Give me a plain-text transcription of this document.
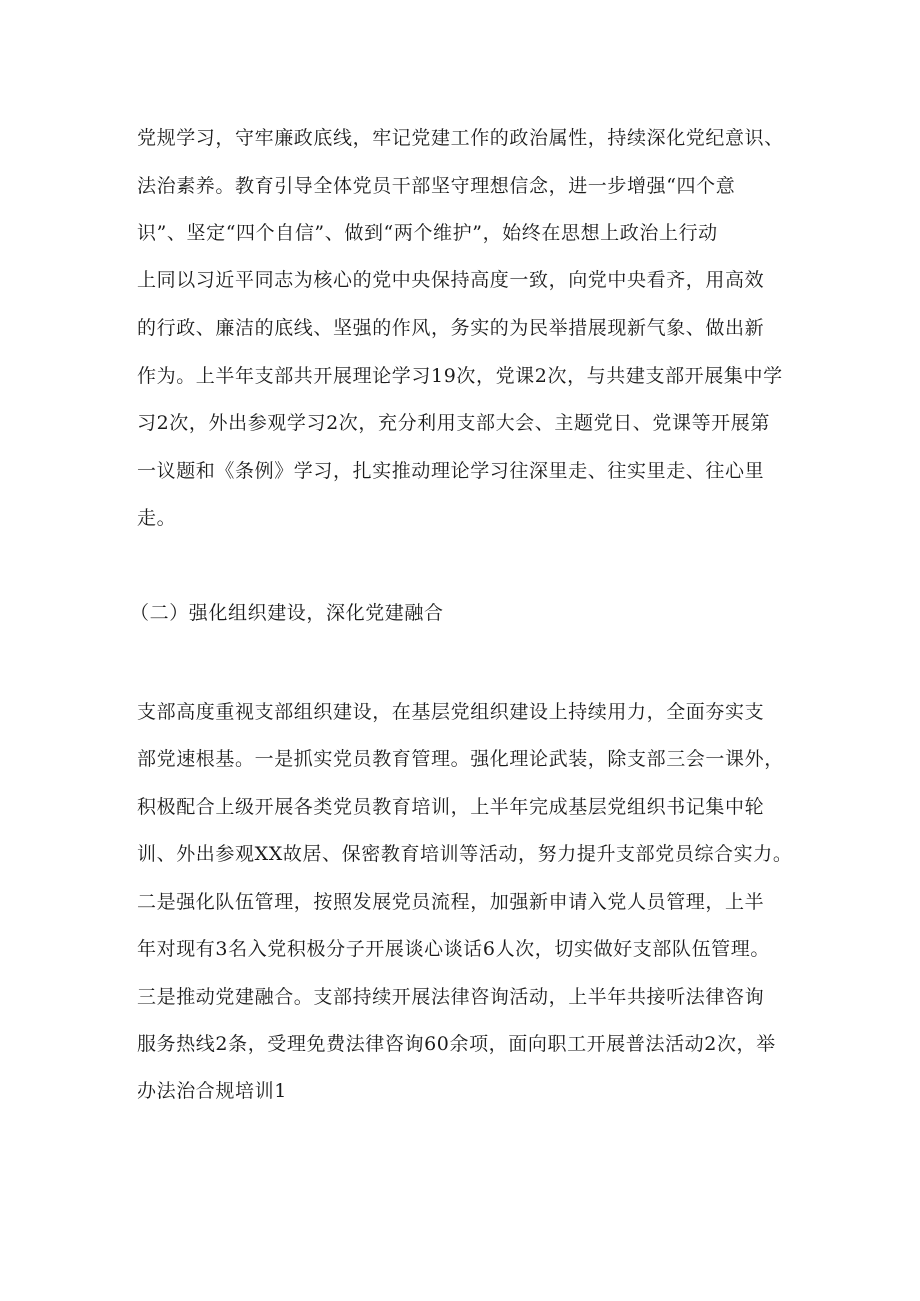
党规学习，守牢廉政底线，牢记党建工作的政治属性，持续深化党纪意识、

法治素养。教育引导全体党员干部坚守理想信念，进一步增强“四个意

识”、坚定“四个自信”、做到“两个维护”，始终在思想上政治上行动

上同以习近平同志为核心的党中央保持高度一致，向党中央看齐，用高效

的行政、廉洁的底线、坚强的作风，务实的为民举措展现新气象、做出新

作为。上半年支部共开展理论学习19次，党课2次，与共建支部开展集中学

习2次，外出参观学习2次，充分利用支部大会、主题党日、党课等开展第

一议题和《条例》学习，扎实推动理论学习往深里走、往实里走、往心里

走。

（二）强化组织建设，深化党建融合

支部高度重视支部组织建设，在基层党组织建设上持续用力，全面夯实支

部党速根基。一是抓实党员教育管理。强化理论武装，除支部三会一课外，

积极配合上级开展各类党员教育培训，上半年完成基层党组织书记集中轮

训、外出参观XX故居、保密教育培训等活动，努力提升支部党员综合实力。

二是强化队伍管理，按照发展党员流程，加强新申请入党人员管理，上半

年对现有3名入党积极分子开展谈心谈话6人次，切实做好支部队伍管理。

三是推动党建融合。支部持续开展法律咨询活动，上半年共接听法律咨询

服务热线2条，受理免费法律咨询60余项，面向职工开展普法活动2次，举

办法治合规培训1
